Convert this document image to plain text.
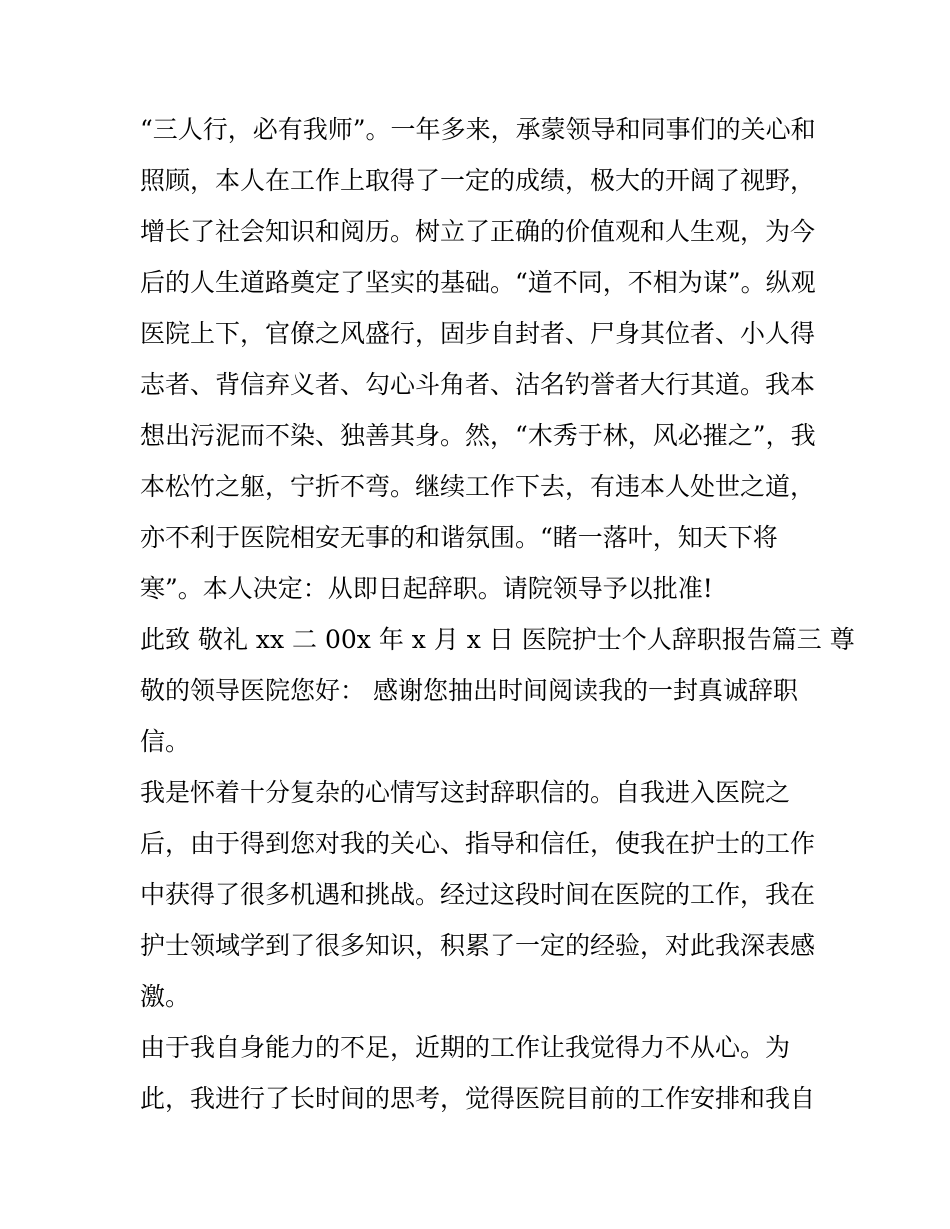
“三人行，必有我师”。一年多来，承蒙领导和同事们的关心和
照顾，本人在工作上取得了一定的成绩，极大的开阔了视野，
增长了社会知识和阅历。树立了正确的价值观和人生观，为今
后的人生道路奠定了坚实的基础。“道不同，不相为谋”。纵观
医院上下，官僚之风盛行，固步自封者、尸身其位者、小人得
志者、背信弃义者、勾心斗角者、沽名钓誉者大行其道。我本
想出污泥而不染、独善其身。然，“木秀于林，风必摧之”，我
本松竹之躯，宁折不弯。继续工作下去，有违本人处世之道，
亦不利于医院相安无事的和谐氛围。“睹一落叶，知天下将
寒”。本人决定：从即日起辞职。请院领导予以批准!
此致 敬礼 xx 二 00x 年 x 月 x 日 医院护士个人辞职报告篇三 尊
敬的领导医院您好： 感谢您抽出时间阅读我的一封真诚辞职
信。
我是怀着十分复杂的心情写这封辞职信的。自我进入医院之
后，由于得到您对我的关心、指导和信任，使我在护士的工作
中获得了很多机遇和挑战。经过这段时间在医院的工作，我在
护士领域学到了很多知识，积累了一定的经验，对此我深表感
激。
由于我自身能力的不足，近期的工作让我觉得力不从心。为
此，我进行了长时间的思考，觉得医院目前的工作安排和我自
